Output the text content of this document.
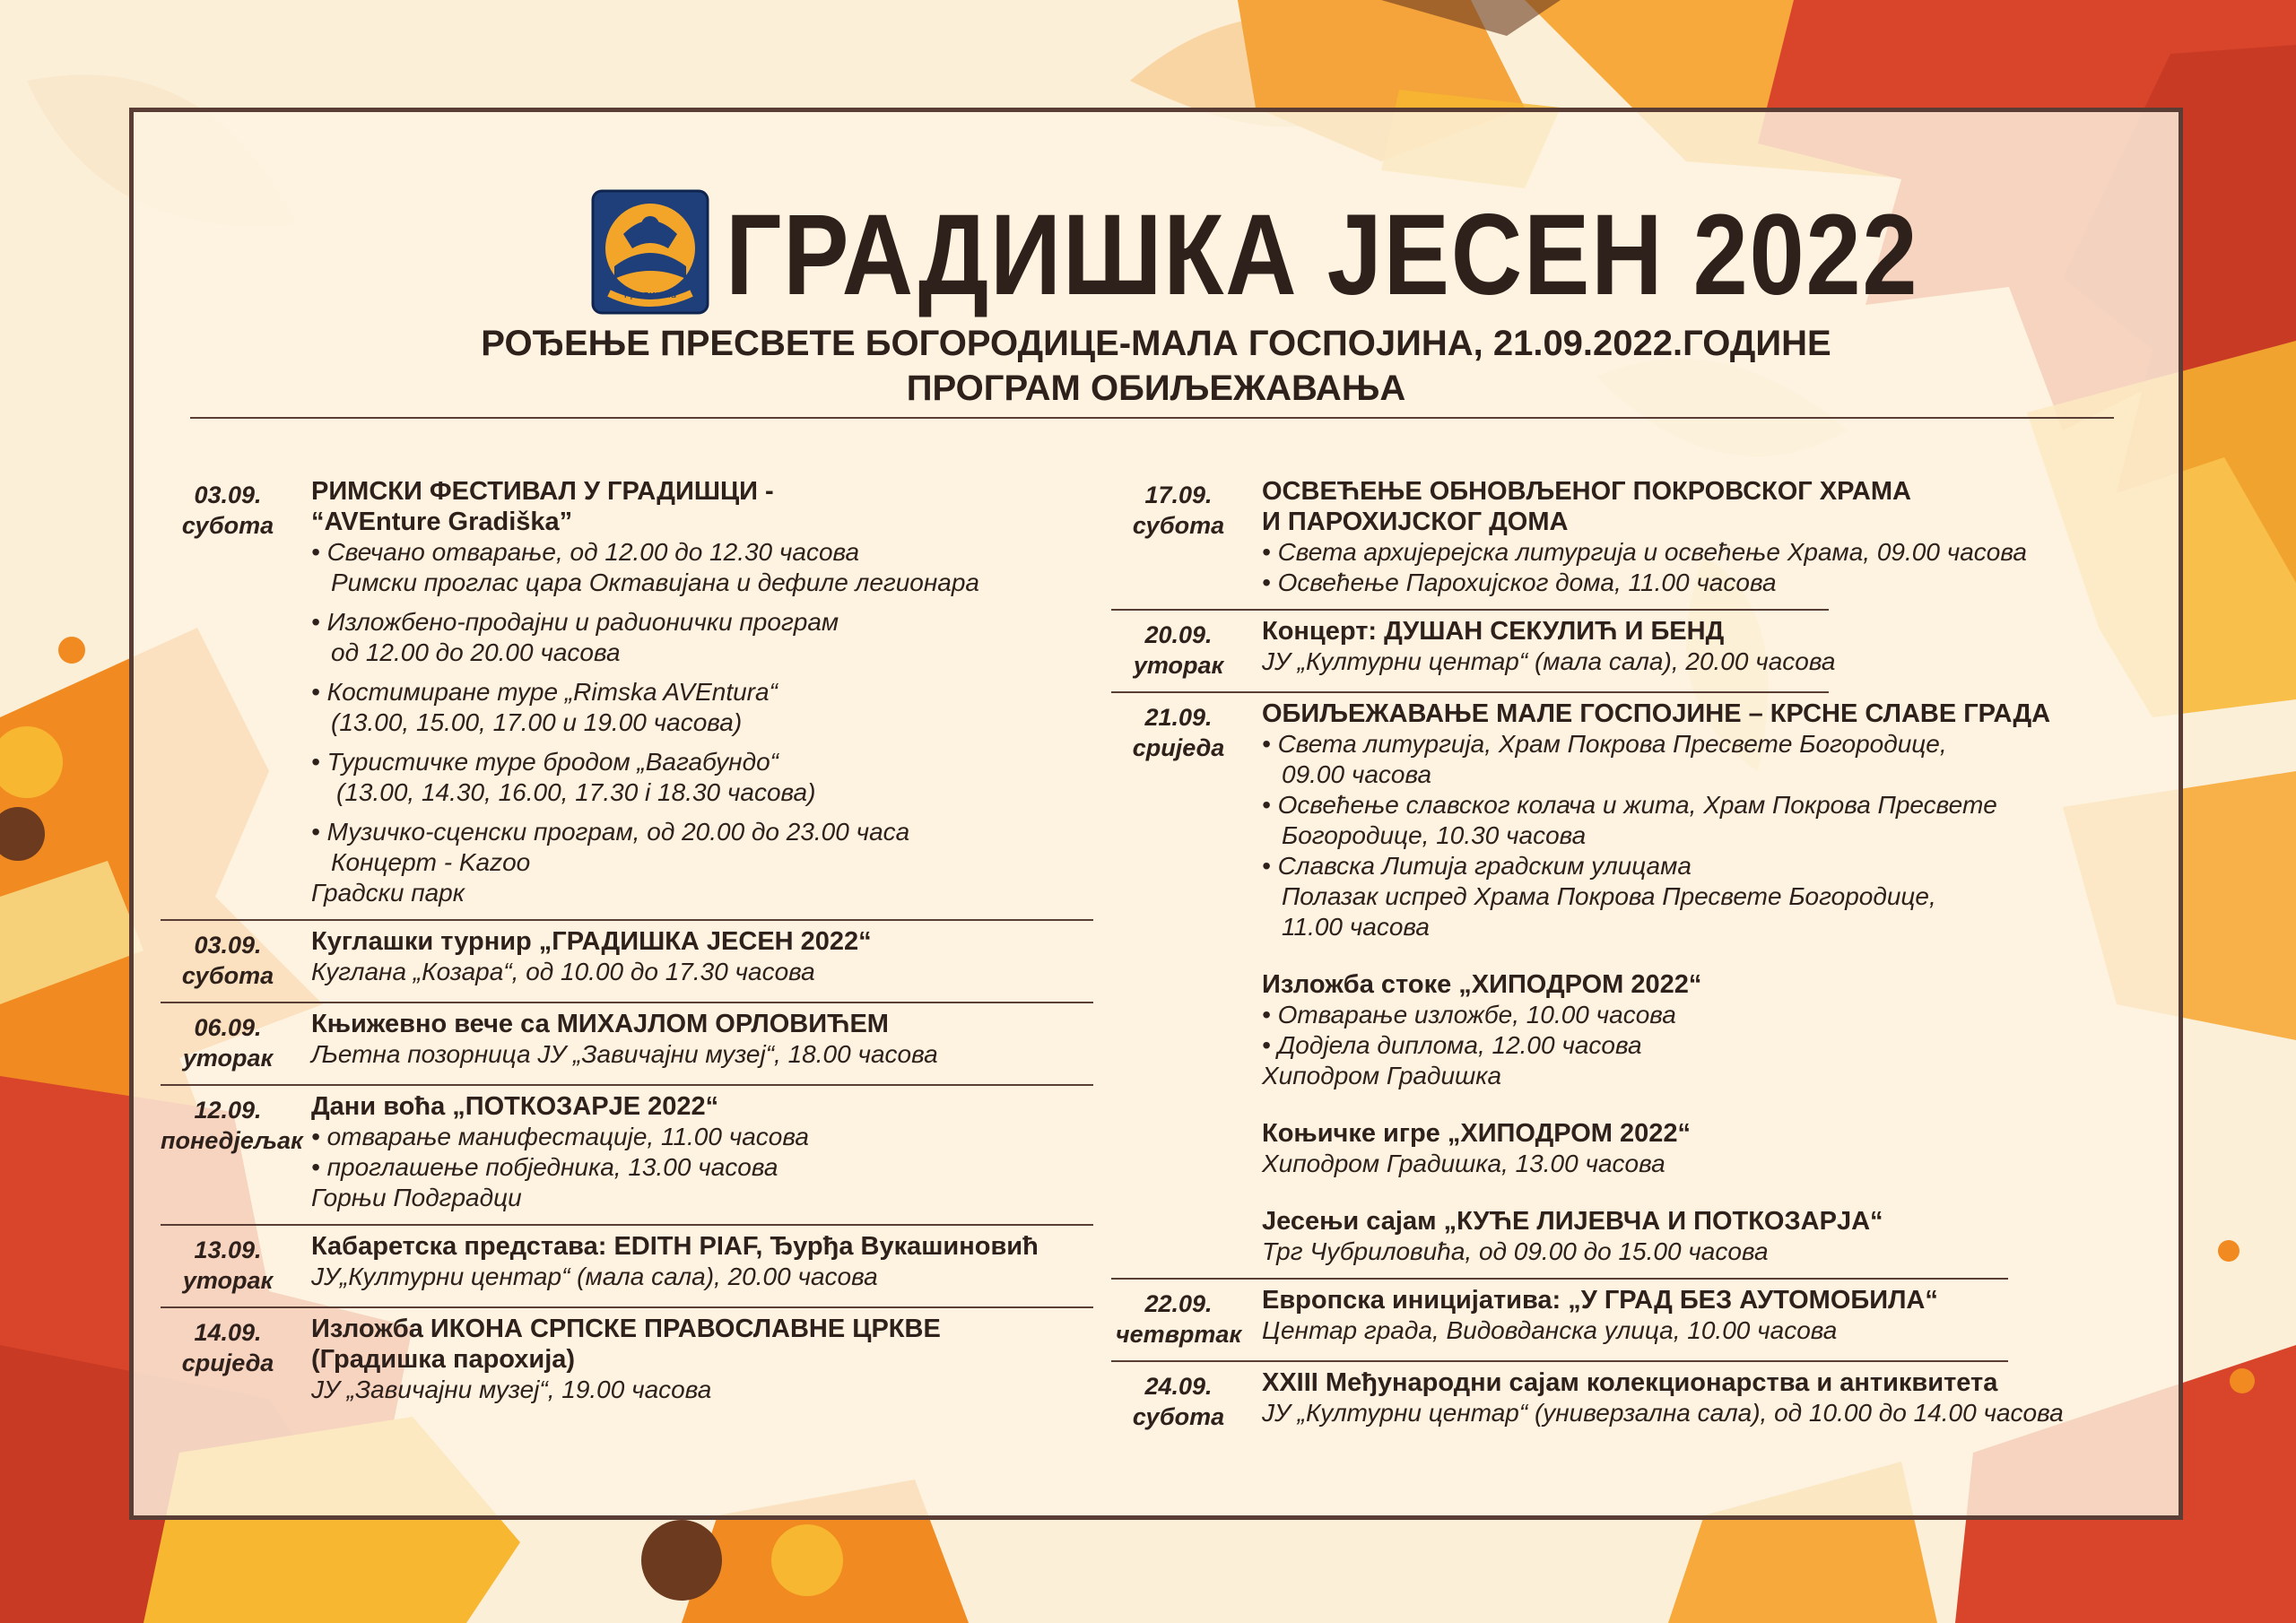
Градишка ГРАДИШКА ЈЕСЕН 2022
РОЂЕЊЕ ПРЕСВЕТЕ БОГОРОДИЦЕ-МАЛА ГОСПОЈИНА, 21.09.2022.ГОДИНЕ
ПРОГРАМ ОБИЉЕЖАВАЊА
03.09.
субота
РИМСКИ ФЕСТИВАЛ У ГРАДИШЦИ -
“AVEnture Gradiška”
• Свечано отварање, од 12.00 до 12.30 часова
Римски проглас цара Октавијана и дефиле легионара
• Изложбено-продајни и радионички програм
од 12.00 до 20.00 часова
• Костимиране туре „Rimska AVEntura“
(13.00, 15.00, 17.00 и 19.00 часова)
• Туристичке туре бродом „Вагабундо“
(13.00, 14.30, 16.00, 17.30 i 18.30 часова)
• Музичко-сценски програм, од 20.00 до 23.00 часа
Концерт - Kazoo
Градски парк
03.09.
субота
Куглашки турнир „ГРАДИШКА ЈЕСЕН 2022“
Куглана „Козара“, од 10.00 до 17.30 часова
06.09.
уторак
Књижевно вече са МИХАЈЛОМ ОРЛОВИЋЕМ
Љетна позорница ЈУ „Завичајни музеј“, 18.00 часова
12.09.
понедјељак
Дани воћа „ПОТКОЗАРЈЕ 2022“
• отварање манифестације, 11.00 часова
• проглашење побједника, 13.00 часова
Горњи Подградци
13.09.
уторак
Кабаретска представа: EDITH PIAF, Ђурђа Вукашиновић
ЈУ„Културни центар“ (мала сала), 20.00 часова
14.09.
сриједа
Изложба ИКОНА СРПСКЕ ПРАВОСЛАВНЕ ЦРКВЕ
(Градишка парохија)
ЈУ „Завичајни музеј“, 19.00 часова
17.09.
субота
ОСВЕЋЕЊЕ ОБНОВЉЕНОГ ПОКРОВСКОГ ХРАМА
И ПАРОХИЈСКОГ ДОМА
• Света архијерејска литургија и освећење Храма, 09.00 часова
• Освећење Парохијског дома, 11.00 часова
20.09.
уторак
Концерт: ДУШАН СЕКУЛИЋ И БЕНД
ЈУ „Културни центар“ (мала сала), 20.00 часова
21.09.
сриједа
ОБИЉЕЖАВАЊЕ МАЛЕ ГОСПОЈИНЕ – КРСНЕ СЛАВЕ ГРАДА
• Света литургија, Храм Покрова Пресвете Богородице,
09.00 часова
• Освећење славског колача и жита, Храм Покрова Пресвете
Богородице, 10.30 часова
• Славска Литија градским улицама
Полазак испред Храма Покрова Пресвете Богородице,
11.00 часова
Изложба стоке „ХИПОДРОМ 2022“
• Отварање изложбе, 10.00 часова
• Додјела диплома, 12.00 часова
Хиподром Градишка
Коњичке игре „ХИПОДРОМ 2022“
Хиподром Градишка, 13.00 часова
Јесењи сајам „КУЋЕ ЛИЈЕВЧА И ПОТКОЗАРЈА“
Трг Чубриловића, од 09.00 до 15.00 часова
22.09.
четвртак
Европска иницијатива: „У ГРАД БЕЗ АУТОМОБИЛА“
Центар града, Видовданска улица, 10.00 часова
24.09.
субота
XXIII Међународни сајам колекционарства и антиквитета
ЈУ „Културни центар“ (универзална сала), од 10.00 до 14.00 часова
